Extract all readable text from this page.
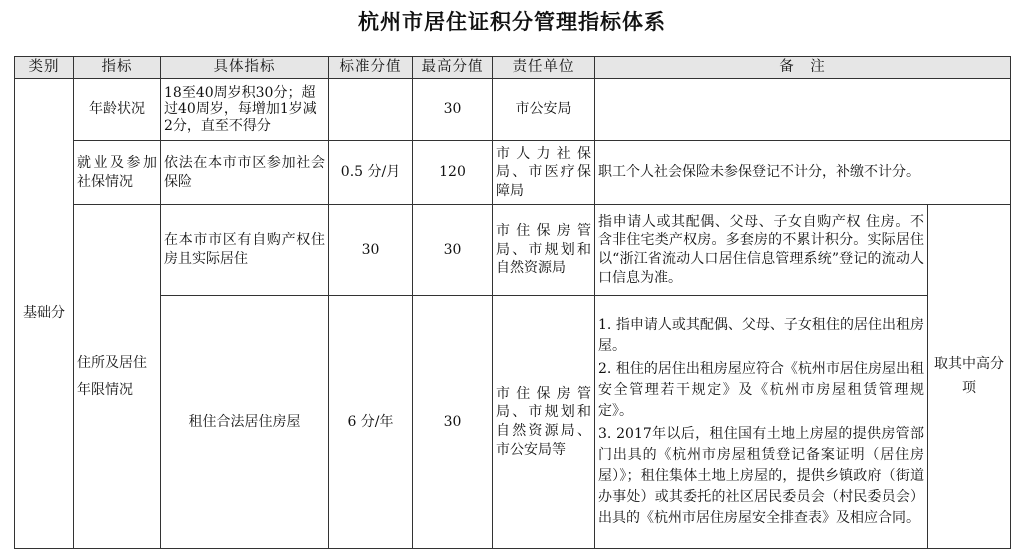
杭州市居住证积分管理指标体系
类别	指标	具体指标	标准分值	最高分值	责任单位	备　注	
基础分	年龄状况	18至40周岁积30分；超过40周岁，每增加1岁减2分，直至不得分		30	市公安局		
	就业及参加社保情况	依法在本市市区参加社会保险	0.5 分/月	120	市人力社保局、市医疗保障局	职工个人社会保险未参保登记不计分，补缴不计分。	
	住所及居住年限情况	在本市市区有自购产权住房且实际居住	30	30	市住保房管局、市规划和自然资源局	指申请人或其配偶、父母、子女自购产权 住房。不含非住宅类产权房。多套房的不累计积分。实际居住以“浙江省流动人口居住信息管理系统”登记的流动人口信息为准。	取其中高分项
		租住合法居住房屋	6 分/年	30	市住保房管局、市规划和自然资源局、市公安局等	1. 指申请人或其配偶、父母、子女租住的居住出租房屋。

2. 租住的居住出租房屋应符合《杭州市居住房屋出租安全管理若干规定》及《杭州市房屋租赁管理规定》。

3. 2017年以后，租住国有土地上房屋的提供房管部门出具的《杭州市房屋租赁登记备案证明（居住房屋）》；租住集体土地上房屋的，提供乡镇政府（街道办事处）或其委托的社区居民委员会（村民委员会）出具的《杭州市居住房屋安全排查表》及相应合同。	
